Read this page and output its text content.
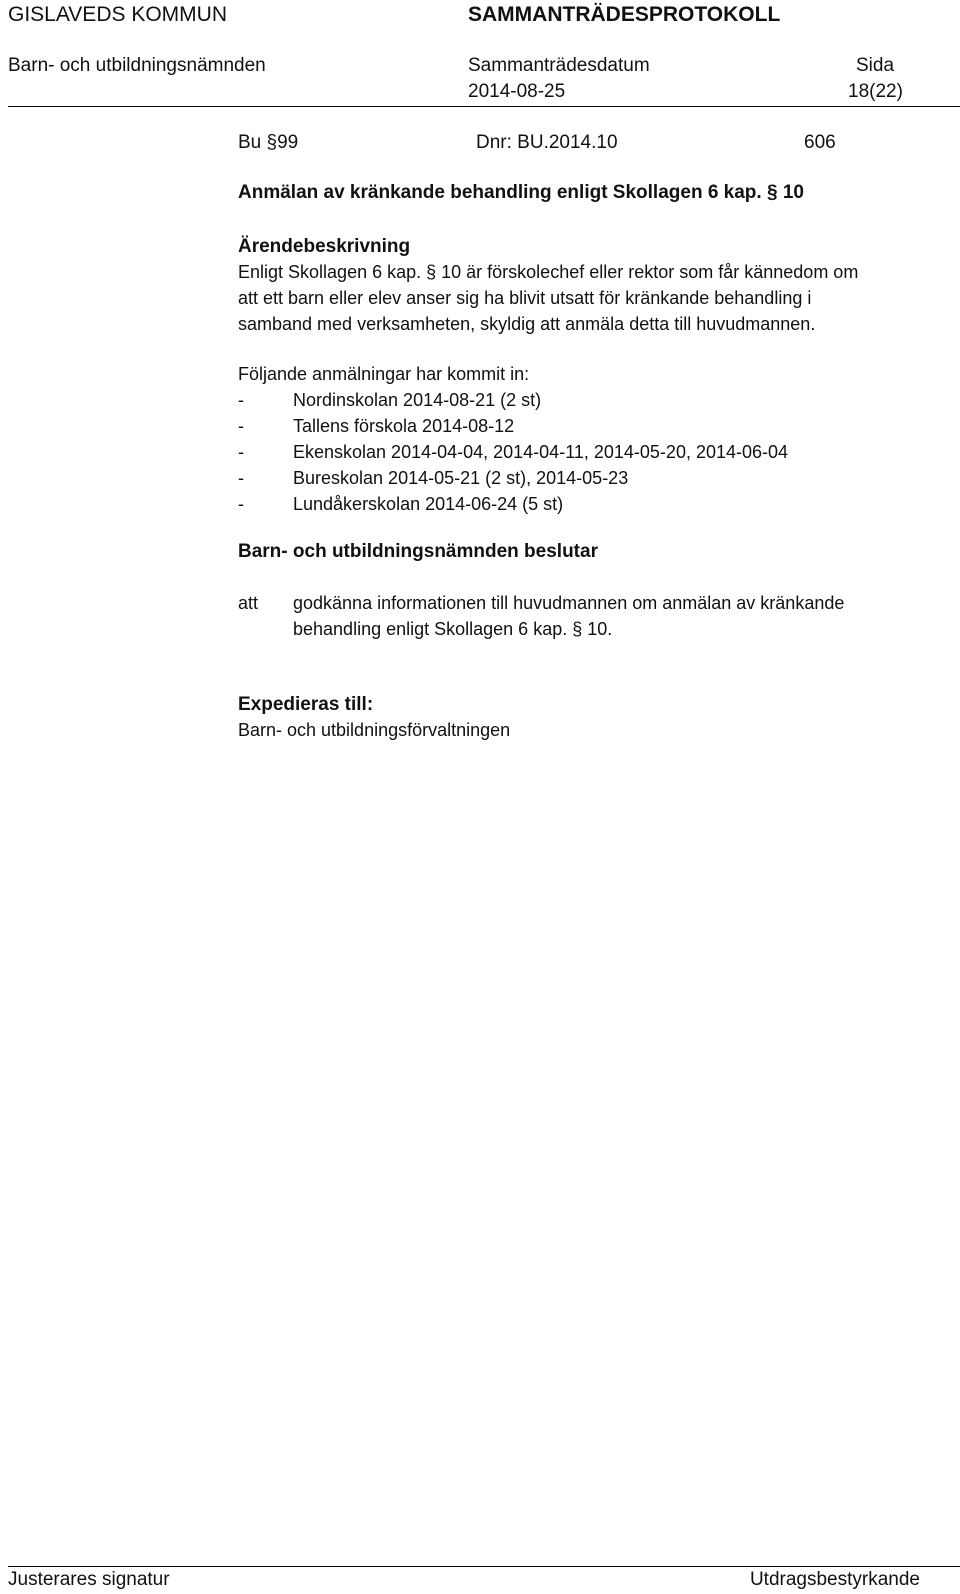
GISLAVEDS KOMMUN	SAMMANTRÄDESPROTOKOLL
Barn- och utbildningsnämnden	Sammanträdesdatum
2014-08-25
Sida
18(22)
Bu §99	Dnr: BU.2014.10	606
Anmälan av kränkande behandling enligt Skollagen 6 kap. § 10
Ärendebeskrivning
Enligt Skollagen 6 kap. § 10 är förskolechef eller rektor som får kännedom om
att ett barn eller elev anser sig ha blivit utsatt för kränkande behandling i
samband med verksamheten, skyldig att anmäla detta till huvudmannen.
Följande anmälningar har kommit in:
-	Nordinskolan 2014-08-21 (2 st)
-	Tallens förskola 2014-08-12
-	Ekenskolan 2014-04-04, 2014-04-11, 2014-05-20, 2014-06-04
-	Bureskolan 2014-05-21 (2 st), 2014-05-23
-	Lundåkerskolan 2014-06-24 (5 st)
Barn- och utbildningsnämnden beslutar
att godkänna informationen till huvudmannen om anmälan av kränkande
behandling enligt Skollagen 6 kap. § 10.
Expedieras till:
Barn- och utbildningsförvaltningen
Justerares signatur	Utdragsbestyrkande
